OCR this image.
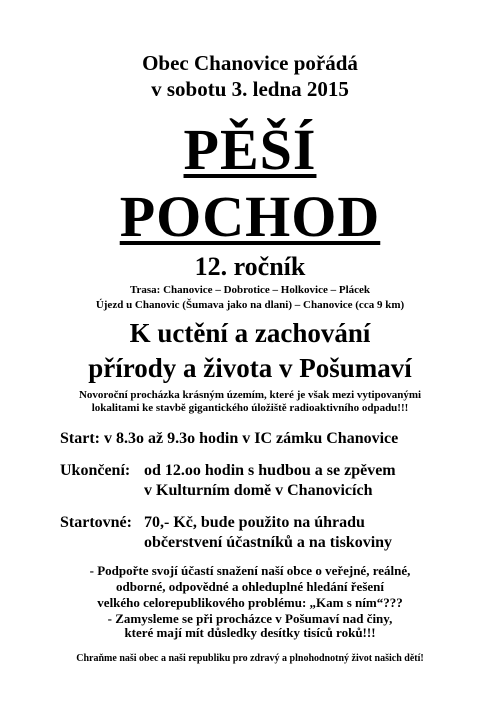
Obec Chanovice pořádá
v sobotu 3. ledna 2015
PĚŠÍ
POCHOD
12. ročník
Trasa: Chanovice – Dobrotice – Holkovice – Plácek
Újezd u Chanovic (Šumava jako na dlani) – Chanovice (cca 9 km)
K uctění a zachování
přírody a života v Pošumaví
Novoroční procházka krásným územím, které je však mezi vytipovanými
lokalitami ke stavbě gigantického úložiště radioaktivního odpadu!!!
Start: v 8.3o až 9.3o hodin v IC zámku Chanovice
Ukončení: od 12.oo hodin s hudbou a se zpěvem
v Kulturním domě v Chanovicích
Startovné: 70,- Kč, bude použito na úhradu
občerstvení účastníků a na tiskoviny
- Podpořte svojí účastí snažení naší obce o veřejné, reálné,
odborné, odpovědné a ohleduplné hledání řešení
velkého celorepublikového problému: „Kam s ním“???
- Zamysleme se při procházce v Pošumaví nad činy,
které mají mít důsledky desítky tisíců roků!!!
Chraňme naši obec a naši republiku pro zdravý a plnohodnotný život našich dětí!
